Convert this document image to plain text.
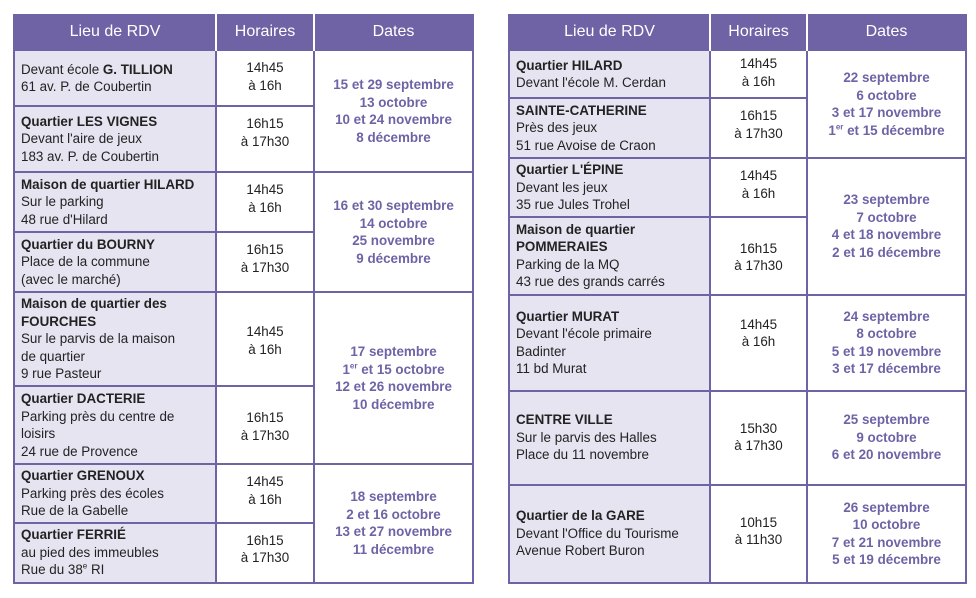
Lieu de RDV	Horaires	Dates

Devant école G. TILLION
61 av. P. de Coubertin	14h45
à 16h	15 et 29 septembre
13 octobre
10 et 24 novembre
8 décembre

Quartier LES VIGNES
Devant l'aire de jeux
183 av. P. de Coubertin	16h15
à 17h30	

Maison de quartier HILARD
Sur le parking
48 rue d'Hilard	14h45
à 16h	16 et 30 septembre
14 octobre
25 novembre
9 décembre

Quartier du BOURNY
Place de la commune
(avec le marché)	16h15
à 17h30	

Maison de quartier des
FOURCHES
Sur le parvis de la maison
de quartier
9 rue Pasteur	14h45
à 16h	17 septembre
1er et 15 octobre
12 et 26 novembre
10 décembre

Quartier DACTERIE
Parking près du centre de
loisirs
24 rue de Provence	16h15
à 17h30	

Quartier GRENOUX
Parking près des écoles
Rue de la Gabelle	14h45
à 16h	18 septembre
2 et 16 octobre
13 et 27 novembre
11 décembre

Quartier FERRIÉ
au pied des immeubles
Rue du 38e RI	16h15
à 17h30	
Lieu de RDV	Horaires	Dates

Quartier HILARD
Devant l'école M. Cerdan	14h45
à 16h	22 septembre
6 octobre
3 et 17 novembre
1er et 15 décembre

SAINTE-CATHERINE
Près des jeux
51 rue Avoise de Craon	16h15
à 17h30	

Quartier L'ÉPINE
Devant les jeux
35 rue Jules Trohel	14h45
à 16h	23 septembre
7 octobre
4 et 18 novembre
2 et 16 décembre

Maison de quartier
POMMERAIES
Parking de la MQ
43 rue des grands carrés	16h15
à 17h30	

Quartier MURAT
Devant l'école primaire
Badinter
11 bd Murat	14h45
à 16h	24 septembre
8 octobre
5 et 19 novembre
3 et 17 décembre

CENTRE VILLE
Sur le parvis des Halles
Place du 11 novembre	15h30
à 17h30	25 septembre
9 octobre
6 et 20 novembre

Quartier de la GARE
Devant l'Office du Tourisme
Avenue Robert Buron	10h15
à 11h30	26 septembre
10 octobre
7 et 21 novembre
5 et 19 décembre
